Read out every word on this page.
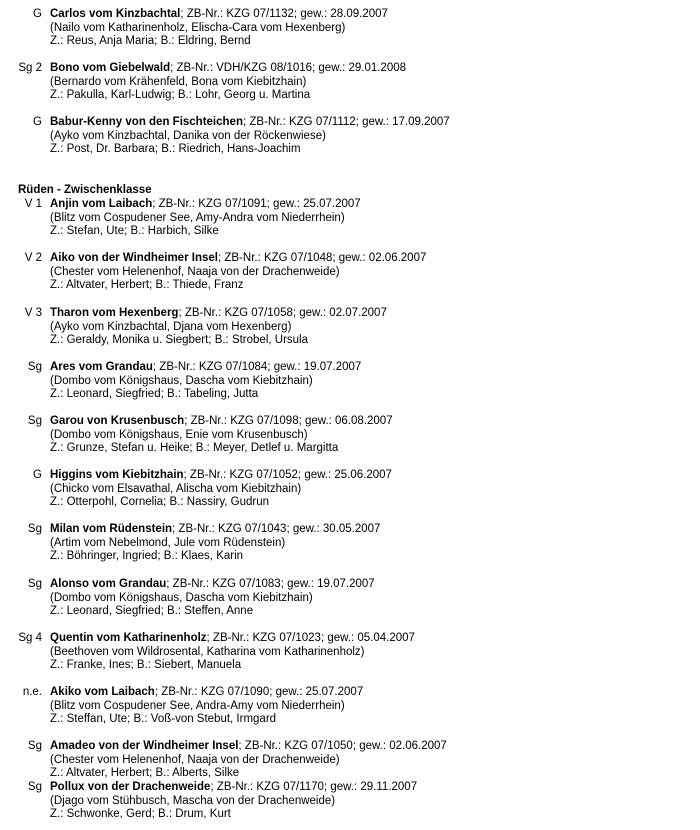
G Carlos vom Kinzbachtal; ZB-Nr.: KZG 07/1132; gew.: 28.09.2007
(Nailo vom Katharinenholz, Elischa-Cara vom Hexenberg)
Z.: Reus, Anja Maria; B.: Eldring, Bernd
Sg 2 Bono vom Giebelwald; ZB-Nr.: VDH/KZG 08/1016; gew.: 29.01.2008
(Bernardo vom Krähenfeld, Bona vom Kiebitzhain)
Z.: Pakulla, Karl-Ludwig; B.: Lohr, Georg u. Martina
G Babur-Kenny von den Fischteichen; ZB-Nr.: KZG 07/1112; gew.: 17.09.2007
(Ayko vom Kinzbachtal, Danika von der Röckenwiese)
Z.: Post, Dr. Barbara; B.: Riedrich, Hans-Joachim
Rüden - Zwischenklasse
V 1 Anjin vom Laibach; ZB-Nr.: KZG 07/1091; gew.: 25.07.2007
(Blitz vom Cospudener See, Amy-Andra vom Niederrhein)
Z.: Stefan, Ute; B.: Harbich, Silke
V 2 Aiko von der Windheimer Insel; ZB-Nr.: KZG 07/1048; gew.: 02.06.2007
(Chester vom Helenenhof, Naaja von der Drachenweide)
Z.: Altvater, Herbert; B.: Thiede, Franz
V 3 Tharon vom Hexenberg; ZB-Nr.: KZG 07/1058; gew.: 02.07.2007
(Ayko vom Kinzbachtal, Djana vom Hexenberg)
Z.: Geraldy, Monika u. Siegbert; B.: Strobel, Ursula
Sg Ares vom Grandau; ZB-Nr.: KZG 07/1084; gew.: 19.07.2007
(Dombo vom Königshaus, Dascha vom Kiebitzhain)
Z.: Leonard, Siegfried; B.: Tabeling, Jutta
Sg Garou von Krusenbusch; ZB-Nr.: KZG 07/1098; gew.: 06.08.2007
(Dombo vom Königshaus, Enie vom Krusenbusch)
Z.: Grunze, Stefan u. Heike; B.: Meyer, Detlef u. Margitta
G Higgins vom Kiebitzhain; ZB-Nr.: KZG 07/1052; gew.: 25.06.2007
(Chicko vom Elsavathal, Alischa vom Kiebitzhain)
Z.: Otterpohl, Cornelia; B.: Nassiry, Gudrun
Sg Milan vom Rüdenstein; ZB-Nr.: KZG 07/1043; gew.: 30.05.2007
(Artim vom Nebelmond, Jule vom Rüdenstein)
Z.: Böhringer, Ingried; B.: Klaes, Karin
Sg Alonso vom Grandau; ZB-Nr.: KZG 07/1083; gew.: 19.07.2007
(Dombo vom Königshaus, Dascha vom Kiebitzhain)
Z.: Leonard, Siegfried; B.: Steffen, Anne
Sg 4 Quentin vom Katharinenholz; ZB-Nr.: KZG 07/1023; gew.: 05.04.2007
(Beethoven vom Wildrosental, Katharina vom Katharinenholz)
Z.: Franke, Ines; B.: Siebert, Manuela
n.e. Akiko vom Laibach; ZB-Nr.: KZG 07/1090; gew.: 25.07.2007
(Blitz vom Cospudener See, Andra-Amy vom Niederrhein)
Z.: Steffan, Ute; B.: Voß-von Stebut, Irmgard
Sg Amadeo von der Windheimer Insel; ZB-Nr.: KZG 07/1050; gew.: 02.06.2007
(Chester vom Helenenhof, Naaja von der Drachenweide)
Z.: Altvater, Herbert; B.: Alberts, Silke
Sg Pollux von der Drachenweide; ZB-Nr.: KZG 07/1170; gew.: 29.11.2007
(Djago vom Stühbusch, Mascha von der Drachenweide)
Z.: Schwonke, Gerd; B.: Drum, Kurt
